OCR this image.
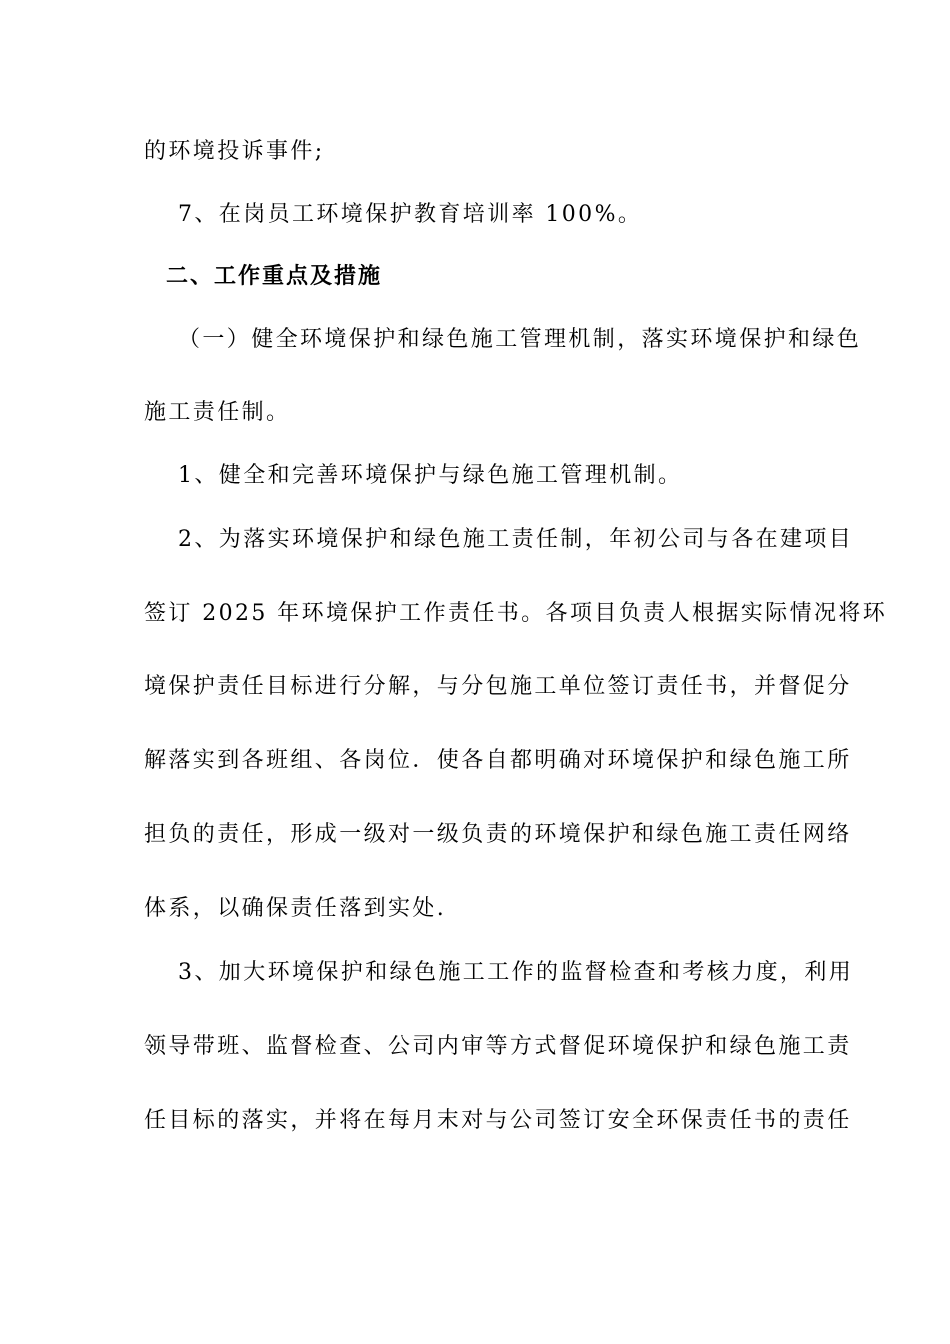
的环境投诉事件;
7、在岗员工环境保护教育培训率 100%。
二、工作重点及措施
（一）健全环境保护和绿色施工管理机制，落实环境保护和绿色
施工责任制。
1、健全和完善环境保护与绿色施工管理机制。
2、为落实环境保护和绿色施工责任制，年初公司与各在建项目
签订 2025 年环境保护工作责任书。各项目负责人根据实际情况将环
境保护责任目标进行分解，与分包施工单位签订责任书，并督促分
解落实到各班组、各岗位．使各自都明确对环境保护和绿色施工所
担负的责任，形成一级对一级负责的环境保护和绿色施工责任网络
体系，以确保责任落到实处.
3、加大环境保护和绿色施工工作的监督检查和考核力度，利用
领导带班、监督检查、公司内审等方式督促环境保护和绿色施工责
任目标的落实，并将在每月末对与公司签订安全环保责任书的责任
